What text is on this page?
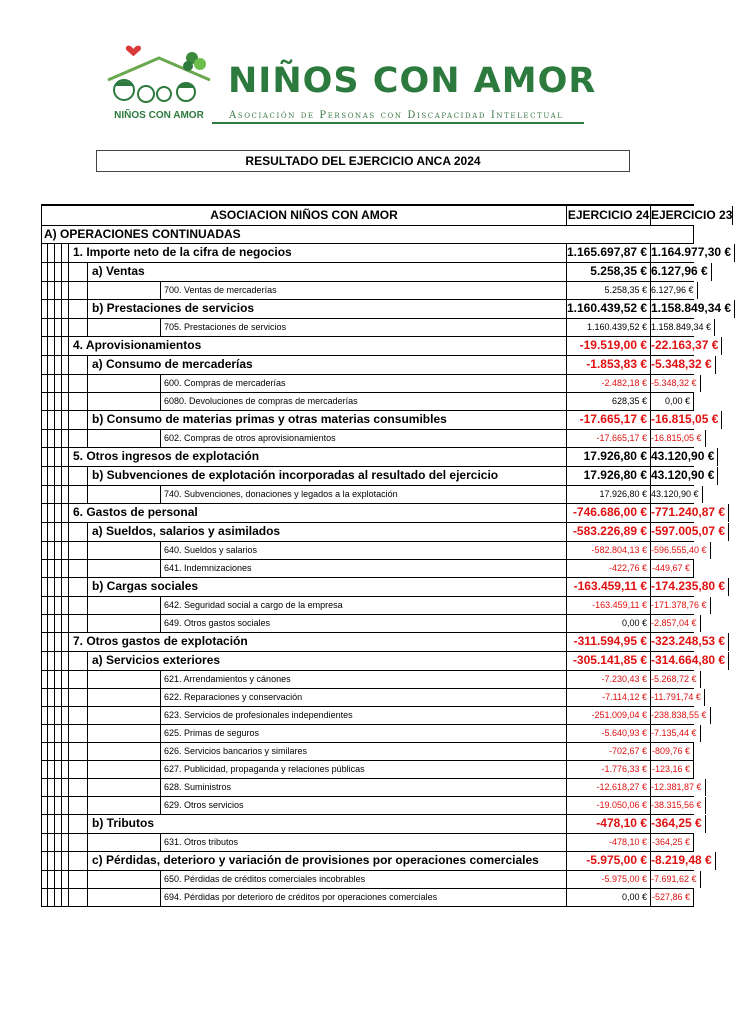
NIÑOS CON AMOR
NIÑOS CON AMOR
Asociación de Personas con Discapacidad Intelectual
RESULTADO DEL EJERCICIO ANCA 2024
ASOCIACION NIÑOS CON AMOR	EJERCICIO 24 EJERCICIO 23
A) OPERACIONES CONTINUADAS
1. Importe neto de la cifra de negocios	1.165.697,87 € 1.164.977,30 €
a) Ventas	5.258,35 € 6.127,96 €
700. Ventas de mercaderías	5.258,35 € 6.127,96 €
b) Prestaciones de servicios	1.160.439,52 € 1.158.849,34 €
705. Prestaciones de servicios	1.160.439,52 € 1.158.849,34 €
4. Aprovisionamientos	-19.519,00 € -22.163,37 €
a) Consumo de mercaderías	-1.853,83 € -5.348,32 €
600. Compras de mercaderías	-2.482,18 € -5.348,32 €
6080. Devoluciones de compras de mercaderías	628,35 €	0,00 €
b) Consumo de materias primas y otras materias consumibles	-17.665,17 € -16.815,05 €
602. Compras de otros aprovisionamientos	-17.665,17 € -16.815,05 €
5. Otros ingresos de explotación	17.926,80 € 43.120,90 €
b) Subvenciones de explotación incorporadas al resultado del ejercicio	17.926,80 € 43.120,90 €
740. Subvenciones, donaciones y legados a la explotación	17.926,80 € 43.120,90 €
6. Gastos de personal	-746.686,00 € -771.240,87 €
a) Sueldos, salarios y asimilados	-583.226,89 € -597.005,07 €
640. Sueldos y salarios	-582.804,13 € -596.555,40 €
641. Indemnizaciones	-422,76 € -449,67 €
b) Cargas sociales	-163.459,11 € -174.235,80 €
642. Seguridad social a cargo de la empresa	-163.459,11 € -171.378,76 €
649. Otros gastos sociales	0,00 € -2.857,04 €
7. Otros gastos de explotación	-311.594,95 € -323.248,53 €
a) Servicios exteriores	-305.141,85 € -314.664,80 €
621. Arrendamientos y cánones	-7.230,43 € -5.268,72 €
622. Reparaciones y conservación	-7.114,12 € -11.791,74 €
623. Servicios de profesionales independientes	-251.009,04 € -238.838,55 €
625. Primas de seguros	-5.640,93 € -7.135,44 €
626. Servicios bancarios y similares	-702,67 € -809,76 €
627. Publicidad, propaganda y relaciones públicas	-1.776,33 € -123,16 €
628. Suministros	-12.618,27 € -12.381,87 €
629. Otros servicios	-19.050,06 € -38.315,56 €
b) Tributos	-478,10 € -364,25 €
631. Otros tributos	-478,10 € -364,25 €
c) Pérdidas, deterioro y variación de provisiones por operaciones comerciales	-5.975,00 € -8.219,48 €
650. Pérdidas de créditos comerciales incobrables	-5.975,00 € -7.691,62 €
694. Pérdidas por deterioro de créditos por operaciones comerciales	0,00 € -527,86 €
